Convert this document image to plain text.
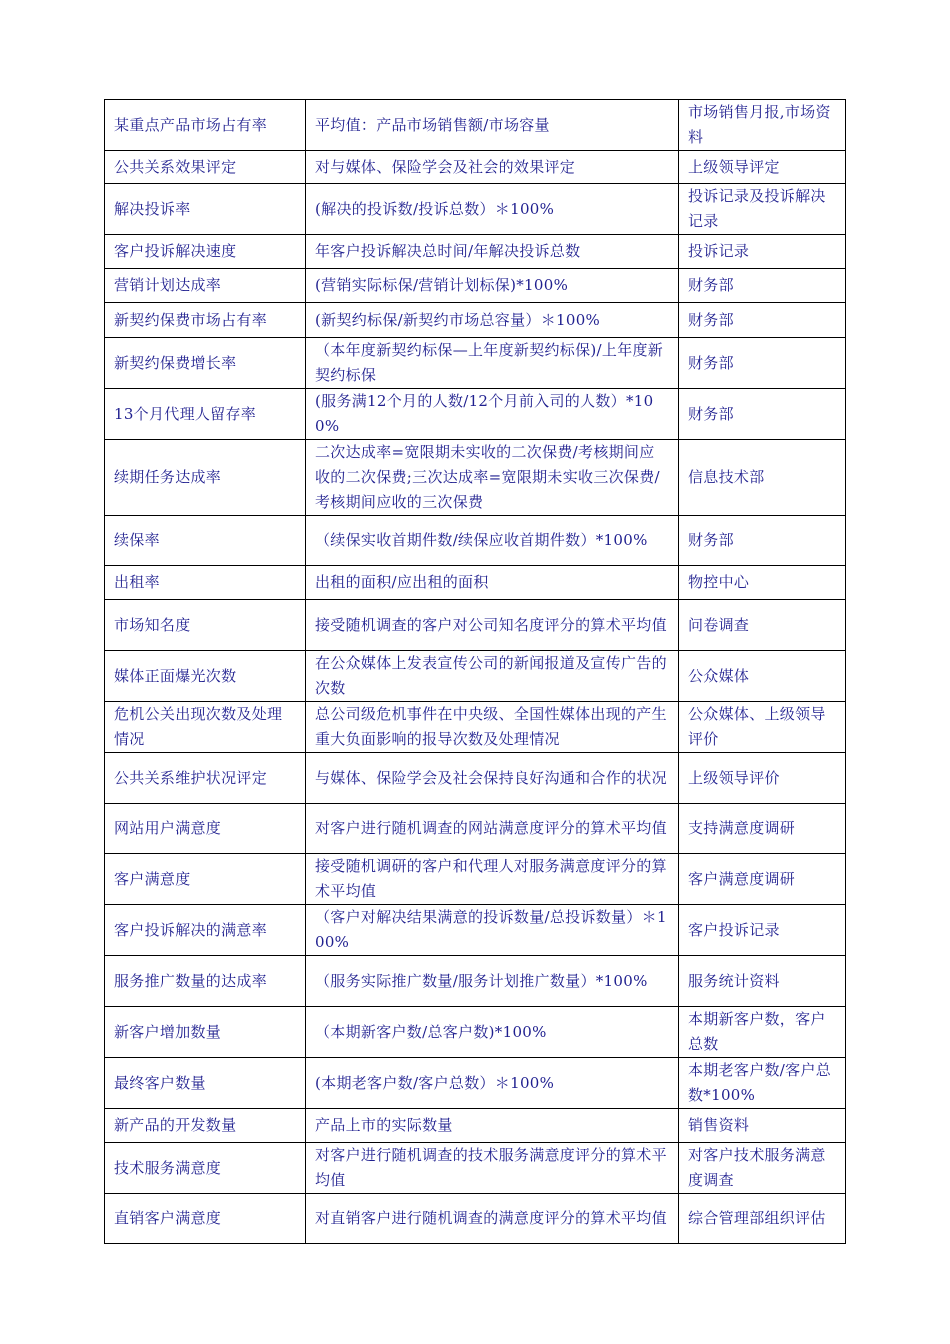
某重点产品市场占有率	平均值：产品市场销售额/市场容量	市场销售月报,市场资料
公共关系效果评定	对与媒体、保险学会及社会的效果评定	上级领导评定
解决投诉率	(解决的投诉数/投诉总数）＊100%	投诉记录及投诉解决记录
客户投诉解决速度	年客户投诉解决总时间/年解决投诉总数	投诉记录
营销计划达成率	(营销实际标保/营销计划标保)*100%	财务部
新契约保费市场占有率	(新契约标保/新契约市场总容量）＊100%	财务部
新契约保费增长率	（本年度新契约标保—上年度新契约标保)/上年度新契约标保	财务部
13个月代理人留存率	(服务满12个月的人数/12个月前入司的人数）*100%	财务部
续期任务达成率	二次达成率=宽限期未实收的二次保费/考核期间应收的二次保费;三次达成率=宽限期未实收三次保费/考核期间应收的三次保费	信息技术部
续保率	（续保实收首期件数/续保应收首期件数）*100%	财务部
出租率	出租的面积/应出租的面积	物控中心
市场知名度	接受随机调查的客户对公司知名度评分的算术平均值	问卷调查
媒体正面爆光次数	在公众媒体上发表宣传公司的新闻报道及宣传广告的次数	公众媒体
危机公关出现次数及处理情况	总公司级危机事件在中央级、全国性媒体出现的产生重大负面影响的报导次数及处理情况	公众媒体、上级领导评价
公共关系维护状况评定	与媒体、保险学会及社会保持良好沟通和合作的状况	上级领导评价
网站用户满意度	对客户进行随机调查的网站满意度评分的算术平均值	支持满意度调研
客户满意度	接受随机调研的客户和代理人对服务满意度评分的算术平均值	客户满意度调研
客户投诉解决的满意率	（客户对解决结果满意的投诉数量/总投诉数量）＊100%	客户投诉记录
服务推广数量的达成率	（服务实际推广数量/服务计划推广数量）*100%	服务统计资料
新客户增加数量	（本期新客户数/总客户数)*100%	本期新客户数，客户总数
最终客户数量	(本期老客户数/客户总数）＊100%	本期老客户数/客户总数*100%
新产品的开发数量	产品上市的实际数量	销售资料
技术服务满意度	对客户进行随机调查的技术服务满意度评分的算术平均值	对客户技术服务满意度调查
直销客户满意度	对直销客户进行随机调查的满意度评分的算术平均值	综合管理部组织评估
